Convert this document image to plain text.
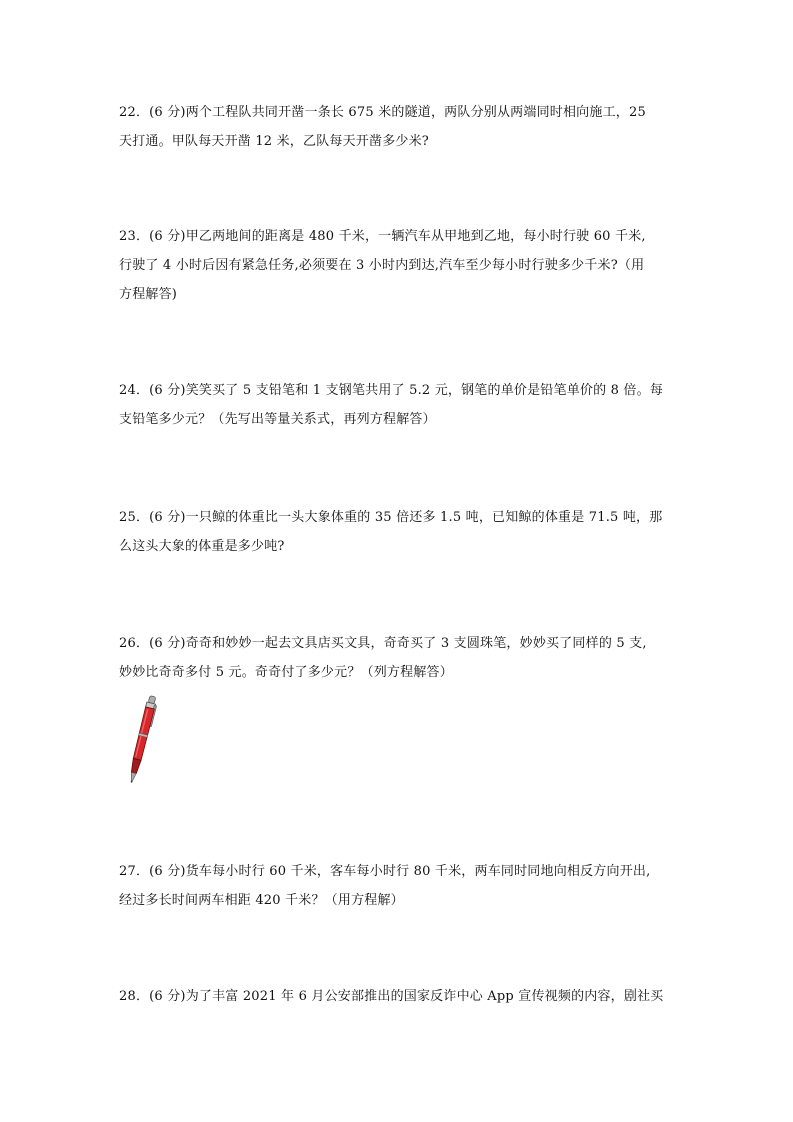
22．(6 分)两个工程队共同开凿一条长 675 米的隧道，两队分别从两端同时相向施工，25
天打通。甲队每天开凿 12 米，乙队每天开凿多少米?
23．(6 分)甲乙两地间的距离是 480 千米，一辆汽车从甲地到乙地，每小时行驶 60 千米,
行驶了 4 小时后因有紧急任务,必须要在 3 小时内到达,汽车至少每小时行驶多少千米?（用
方程解答)
24．(6 分)笑笑买了 5 支铅笔和 1 支钢笔共用了 5.2 元，钢笔的单价是铅笔单价的 8 倍。每
支铅笔多少元？（先写出等量关系式，再列方程解答）
25．(6 分)一只鲸的体重比一头大象体重的 35 倍还多 1.5 吨，已知鲸的体重是 71.5 吨，那
么这头大象的体重是多少吨?
26．(6 分)奇奇和妙妙一起去文具店买文具，奇奇买了 3 支圆珠笔，妙妙买了同样的 5 支,
妙妙比奇奇多付 5 元。奇奇付了多少元？（列方程解答）
27．(6 分)货车每小时行 60 千米，客车每小时行 80 千米，两车同时同地向相反方向开出,
经过多长时间两车相距 420 千米？（用方程解）
28．(6 分)为了丰富 2021 年 6 月公安部推出的国家反诈中心 App 宣传视频的内容，剧社买
